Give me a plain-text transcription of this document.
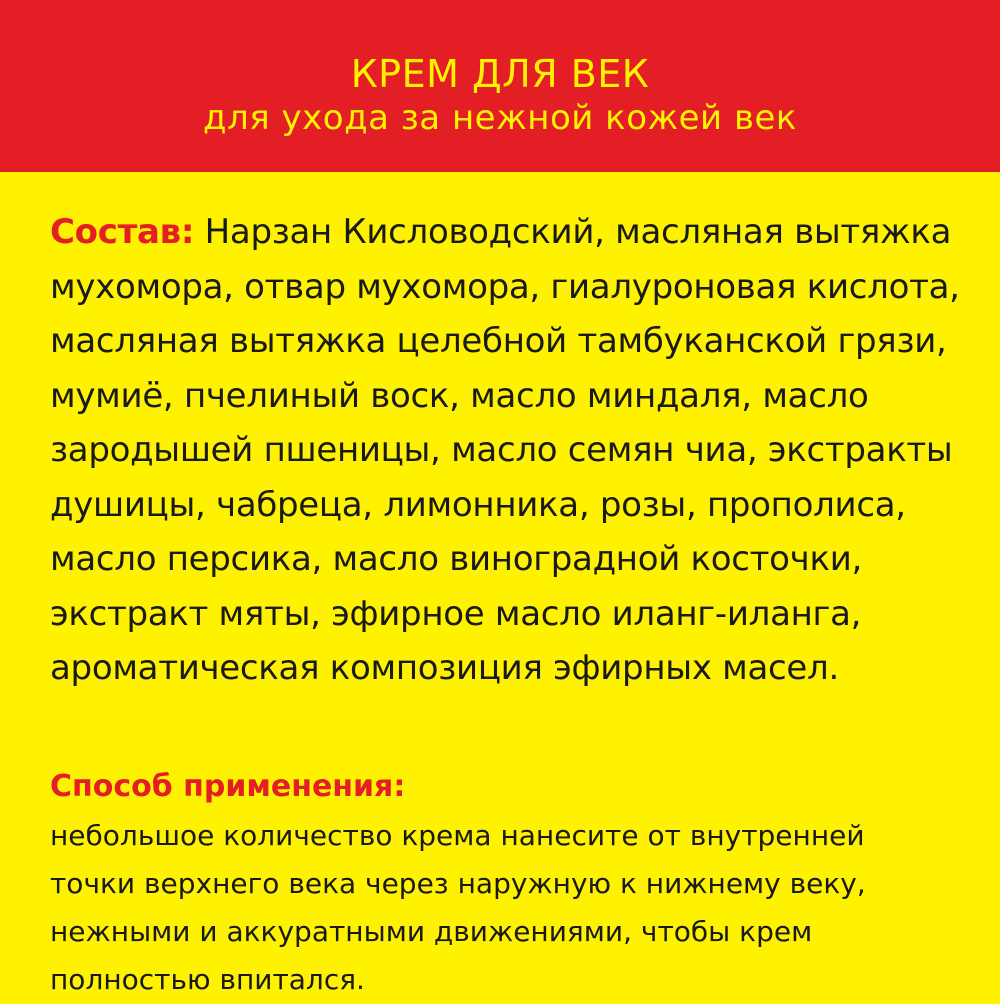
КРЕМ ДЛЯ ВЕК
для ухода за нежной кожей век

Состав: Нарзан Кисловодский, масляная вытяжка
мухомора, отвар мухомора, гиалуроновая кислота,
масляная вытяжка целебной тамбуканской грязи,
мумиё, пчелиный воск, масло миндаля, масло
зародышей пшеницы, масло семян чиа, экстракты
душицы, чабреца, лимонника, розы, прополиса,
масло персика, масло виноградной косточки,
экстракт мяты, эфирное масло иланг-иланга,
ароматическая композиция эфирных масел.

Способ применения:

небольшое количество крема нанесите от внутренней
точки верхнего века через наружную к нижнему веку,
нежными и аккуратными движениями, чтобы крем
полностью впитался.
